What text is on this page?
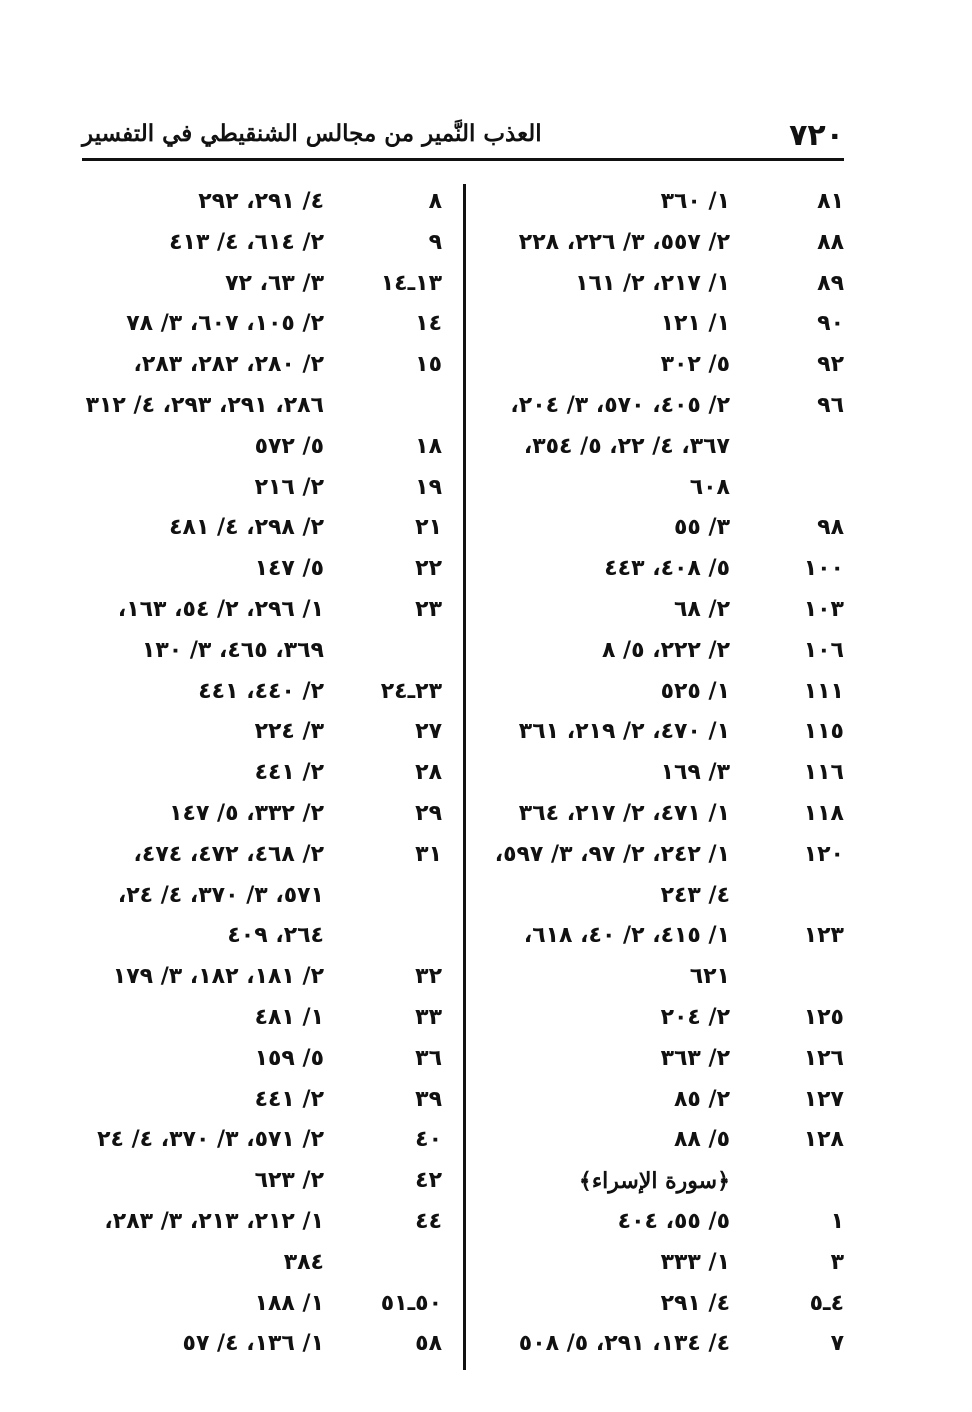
٧٢٠
العذب النَّمير من مجالس الشنقيطي في التفسير
٨١
١/ ٣٦٠
٨٨
٢/ ٥٥٧، ٣/ ٢٢٦، ٢٢٨
٨٩
١/ ٢١٧، ٢/ ١٦١
٩٠
١/ ١٢١
٩٢
٥/ ٣٠٢
٩٦
٢/ ٤٠٥، ٥٧٠، ٣/ ٢٠٤،
٣٦٧، ٤/ ٢٢، ٥/ ٣٥٤،
٦٠٨
٩٨
٣/ ٥٥
١٠٠
٥/ ٤٠٨، ٤٤٣
١٠٣
٢/ ٦٨
١٠٦
٢/ ٢٢٢، ٥/ ٨
١١١
١/ ٥٢٥
١١٥
١/ ٤٧٠، ٢/ ٢١٩، ٣٦١
١١٦
٣/ ١٦٩
١١٨
١/ ٤٧١، ٢/ ٢١٧، ٣٦٤
١٢٠
١/ ٢٤٢، ٢/ ٩٧، ٣/ ٥٩٧،
٤/ ٢٤٣
١٢٣
١/ ٤١٥، ٢/ ٤٠، ٦١٨،
٦٢١
١٢٥
٢/ ٢٠٤
١٢٦
٢/ ٣٦٣
١٢٧
٢/ ٨٥
١٢٨
٥/ ٨٨
﴿سورة الإسراء﴾
١
٥/ ٥٥، ٤٠٤
٣
١/ ٣٣٣
٤ـ٥
٤/ ٢٩١
٧
٤/ ١٣٤، ٢٩١، ٥/ ٥٠٨
٨
٤/ ٢٩١، ٢٩٢
٩
٢/ ٦١٤، ٤/ ٤١٣
١٣ـ١٤
٣/ ٦٣، ٧٢
١٤
٢/ ١٠٥، ٦٠٧، ٣/ ٧٨
١٥
٢/ ٢٨٠، ٢٨٢، ٢٨٣،
٢٨٦، ٢٩١، ٢٩٣، ٤/ ٣١٢
١٨
٥/ ٥٧٢
١٩
٢/ ٢١٦
٢١
٢/ ٢٩٨، ٤/ ٤٨١
٢٢
٥/ ١٤٧
٢٣
١/ ٢٩٦، ٢/ ٥٤، ١٦٣،
٣٦٩، ٤٦٥، ٣/ ١٣٠
٢٣ـ٢٤
٢/ ٤٤٠، ٤٤١
٢٧
٣/ ٢٢٤
٢٨
٢/ ٤٤١
٢٩
٢/ ٣٣٢، ٥/ ١٤٧
٣١
٢/ ٤٦٨، ٤٧٢، ٤٧٤،
٥٧١، ٣/ ٣٧٠، ٤/ ٢٤،
٢٦٤، ٤٠٩
٣٢
٢/ ١٨١، ١٨٢، ٣/ ١٧٩
٣٣
١/ ٤٨١
٣٦
٥/ ١٥٩
٣٩
٢/ ٤٤١
٤٠
٢/ ٥٧١، ٣/ ٣٧٠، ٤/ ٢٤
٤٢
٢/ ٦٢٣
٤٤
١/ ٢١٢، ٢١٣، ٣/ ٢٨٣،
٣٨٤
٥٠ـ٥١
١/ ١٨٨
٥٨
١/ ١٣٦، ٤/ ٥٧
